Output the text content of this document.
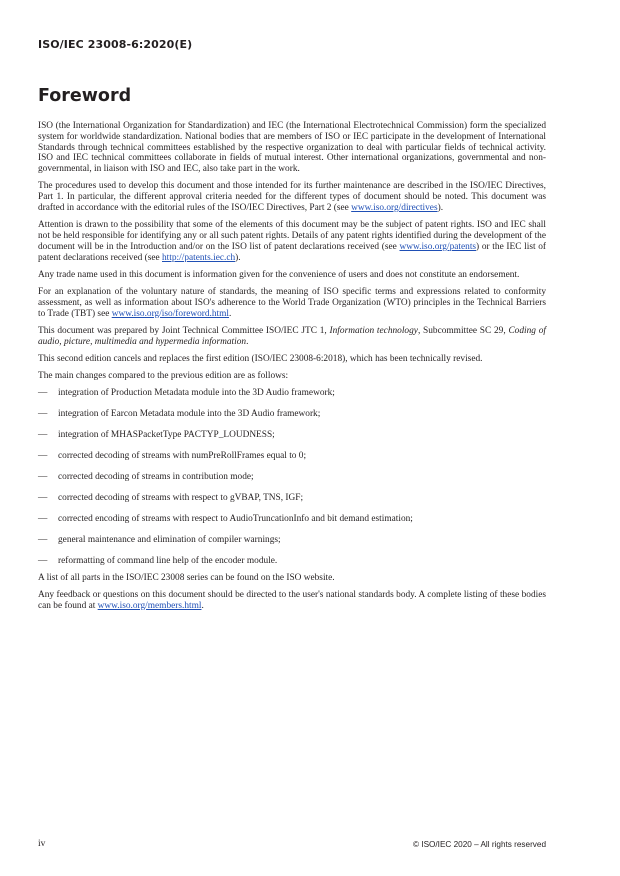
ISO/IEC 23008-6:2020(E)
Foreword

ISO (the International Organization for Standardization) and IEC (the International Electrotechnical Commission) form the specialized system for worldwide standardization. National bodies that are members of ISO or IEC participate in the development of International Standards through technical committees established by the respective organization to deal with particular fields of technical activity. ISO and IEC technical committees collaborate in fields of mutual interest. Other international organizations, governmental and non-governmental, in liaison with ISO and IEC, also take part in the work.

The procedures used to develop this document and those intended for its further maintenance are described in the ISO/IEC Directives, Part 1. In particular, the different approval criteria needed for the different types of document should be noted. This document was drafted in accordance with the editorial rules of the ISO/IEC Directives, Part 2 (see www.iso.org/directives).

Attention is drawn to the possibility that some of the elements of this document may be the subject of patent rights. ISO and IEC shall not be held responsible for identifying any or all such patent rights. Details of any patent rights identified during the development of the document will be in the Introduction and/or on the ISO list of patent declarations received (see www.iso.org/patents) or the IEC list of patent declarations received (see http://patents.iec.ch).

Any trade name used in this document is information given for the convenience of users and does not constitute an endorsement.

For an explanation of the voluntary nature of standards, the meaning of ISO specific terms and expressions related to conformity assessment, as well as information about ISO's adherence to the World Trade Organization (WTO) principles in the Technical Barriers to Trade (TBT) see www.iso.org/iso/foreword.html.

This document was prepared by Joint Technical Committee ISO/IEC JTC 1, Information technology, Subcommittee SC 29, Coding of audio, picture, multimedia and hypermedia information.

This second edition cancels and replaces the first edition (ISO/IEC 23008-6:2018), which has been technically revised.

The main changes compared to the previous edition are as follows:

— integration of Production Metadata module into the 3D Audio framework;
— integration of Earcon Metadata module into the 3D Audio framework;
— integration of MHASPacketType PACTYP_LOUDNESS;
— corrected decoding of streams with numPreRollFrames equal to 0;
— corrected decoding of streams in contribution mode;
— corrected decoding of streams with respect to gVBAP, TNS, IGF;
— corrected encoding of streams with respect to AudioTruncationInfo and bit demand estimation;
— general maintenance and elimination of compiler warnings;
— reformatting of command line help of the encoder module.

A list of all parts in the ISO/IEC 23008 series can be found on the ISO website.

Any feedback or questions on this document should be directed to the user's national standards body. A complete listing of these bodies can be found at www.iso.org/members.html.

iv	© ISO/IEC 2020 – All rights reserved
